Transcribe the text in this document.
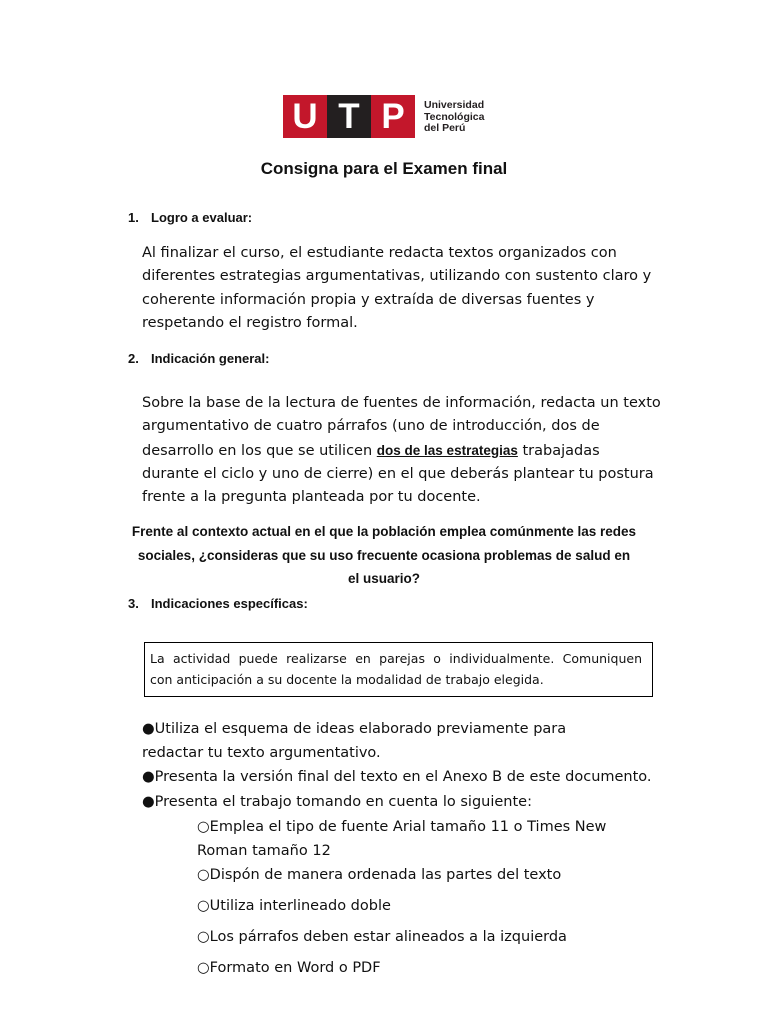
U T P	Universidad
Tecnológica
del Perú
Consigna para el Examen final
1. Logro a evaluar:
Al finalizar el curso, el estudiante redacta textos organizados con
diferentes estrategias argumentativas, utilizando con sustento claro y
coherente información propia y extraída de diversas fuentes y
respetando el registro formal.
2. Indicación general:
Sobre la base de la lectura de fuentes de información, redacta un texto
argumentativo de cuatro párrafos (uno de introducción, dos de
desarrollo en los que se utilicen dos de las estrategias trabajadas
durante el ciclo y uno de cierre) en el que deberás plantear tu postura
frente a la pregunta planteada por tu docente.
Frente al contexto actual en el que la población emplea comúnmente las redes
sociales, ¿consideras que su uso frecuente ocasiona problemas de salud en
el usuario?
3. Indicaciones específicas:
La actividad puede realizarse en parejas o individualmente. Comuniquen
con anticipación a su docente la modalidad de trabajo elegida.
●Utiliza el esquema de ideas elaborado previamente para
redactar tu texto argumentativo.
●Presenta la versión final del texto en el Anexo B de este documento.
●Presenta el trabajo tomando en cuenta lo siguiente:
○Emplea el tipo de fuente Arial tamaño 11 o Times New
Roman tamaño 12
○Dispón de manera ordenada las partes del texto
○Utiliza interlineado doble
○Los párrafos deben estar alineados a la izquierda
○Formato en Word o PDF
